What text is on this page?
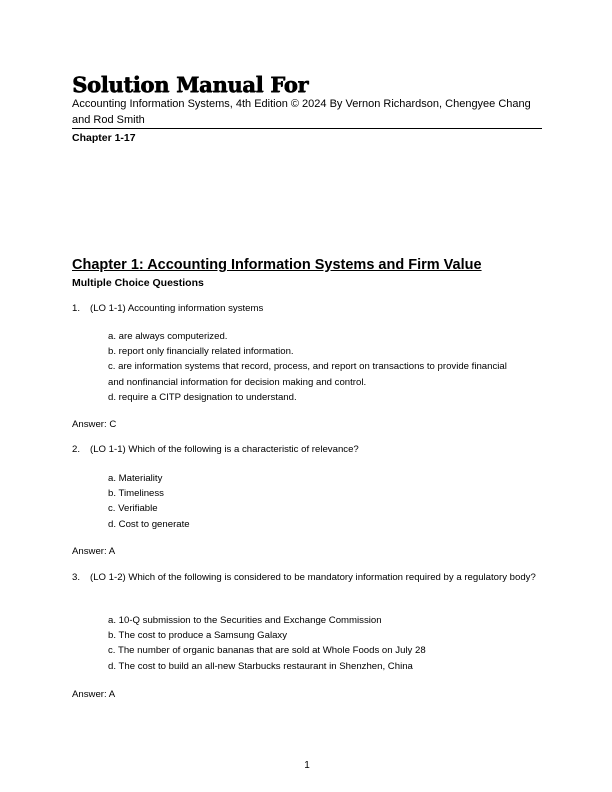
Solution Manual For
Accounting Information Systems, 4th Edition © 2024 By Vernon Richardson, Chengyee Chang and Rod Smith
Chapter 1-17
Chapter 1: Accounting Information Systems and Firm Value
Multiple Choice Questions
1. (LO 1-1) Accounting information systems
a. are always computerized.
b. report only financially related information.
c. are information systems that record, process, and report on transactions to provide financial
and nonfinancial information for decision making and control.
d. require a CITP designation to understand.
Answer: C
2. (LO 1-1) Which of the following is a characteristic of relevance?
a. Materiality
b. Timeliness
c. Verifiable
d. Cost to generate
Answer: A
3. (LO 1-2) Which of the following is considered to be mandatory information required by a regulatory body?
a. 10-Q submission to the Securities and Exchange Commission
b. The cost to produce a Samsung Galaxy
c. The number of organic bananas that are sold at Whole Foods on July 28
d. The cost to build an all-new Starbucks restaurant in Shenzhen, China
Answer: A
1
